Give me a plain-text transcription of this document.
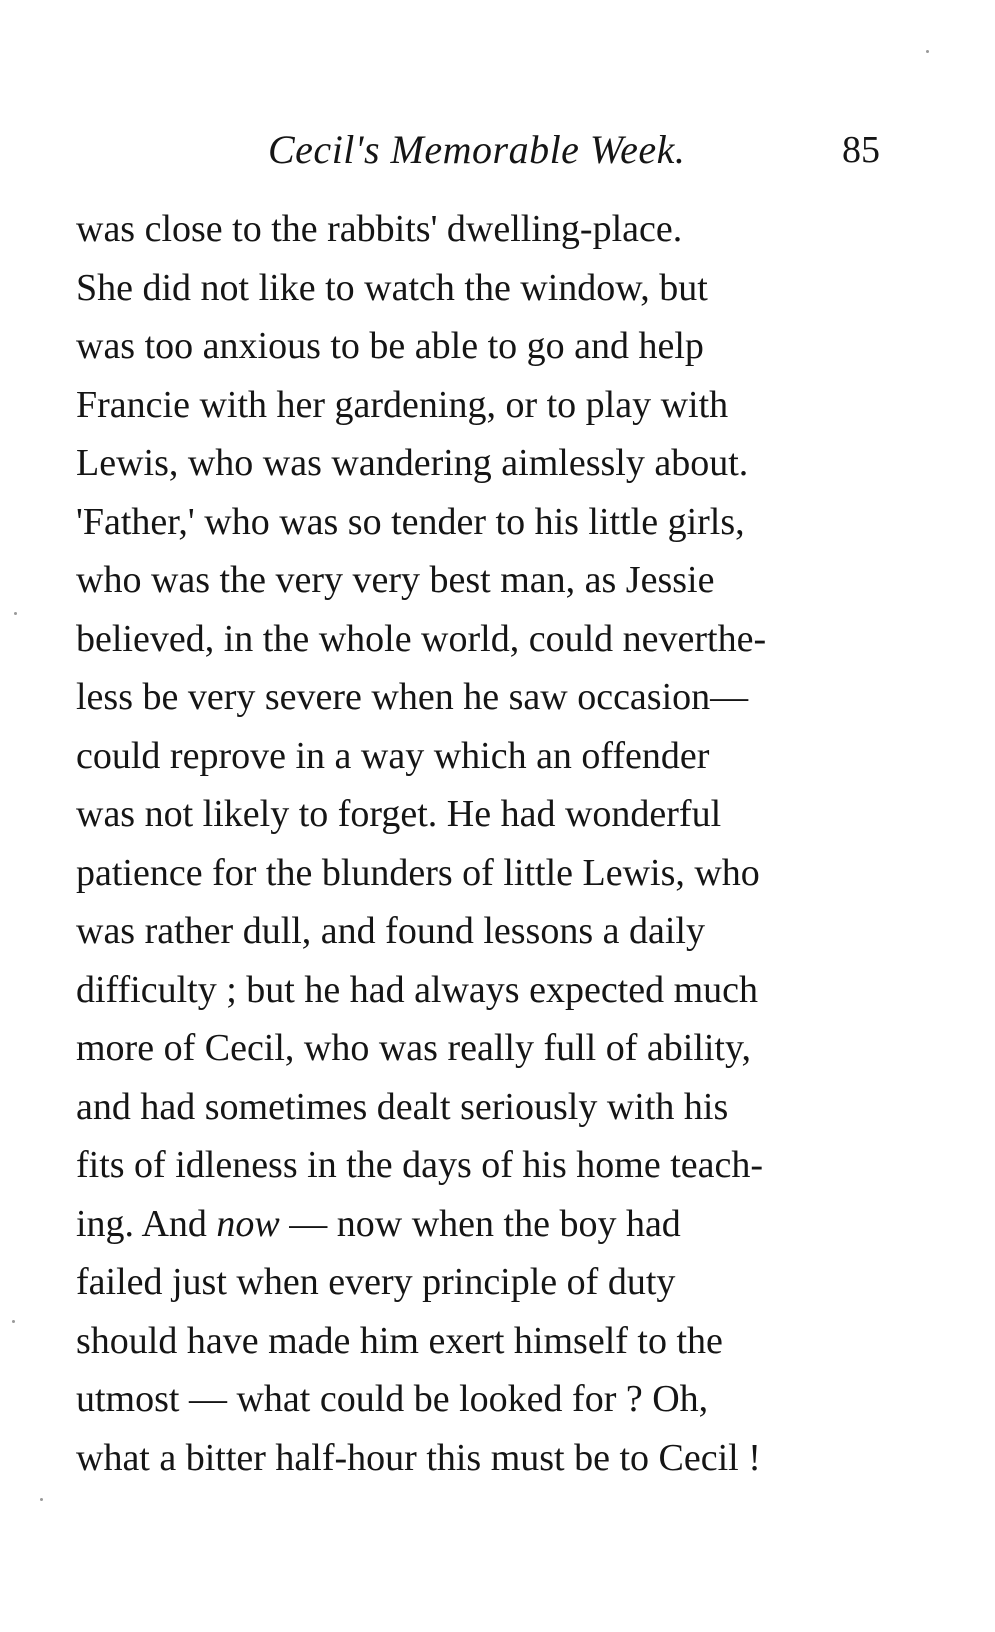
Cecil's Memorable Week.	85
was close to the rabbits' dwelling-place.
She did not like to watch the window, but
was too anxious to be able to go and help
Francie with her gardening, or to play with
Lewis, who was wandering aimlessly about.
'Father,' who was so tender to his little girls,
who was the very very best man, as Jessie
believed, in the whole world, could neverthe-
less be very severe when he saw occasion—
could reprove in a way which an offender
was not likely to forget. He had wonderful
patience for the blunders of little Lewis, who
was rather dull, and found lessons a daily
difficulty ; but he had always expected much
more of Cecil, who was really full of ability,
and had sometimes dealt seriously with his
fits of idleness in the days of his home teach-
ing. And now — now when the boy had
failed just when every principle of duty
should have made him exert himself to the
utmost — what could be looked for ? Oh,
what a bitter half-hour this must be to Cecil !
